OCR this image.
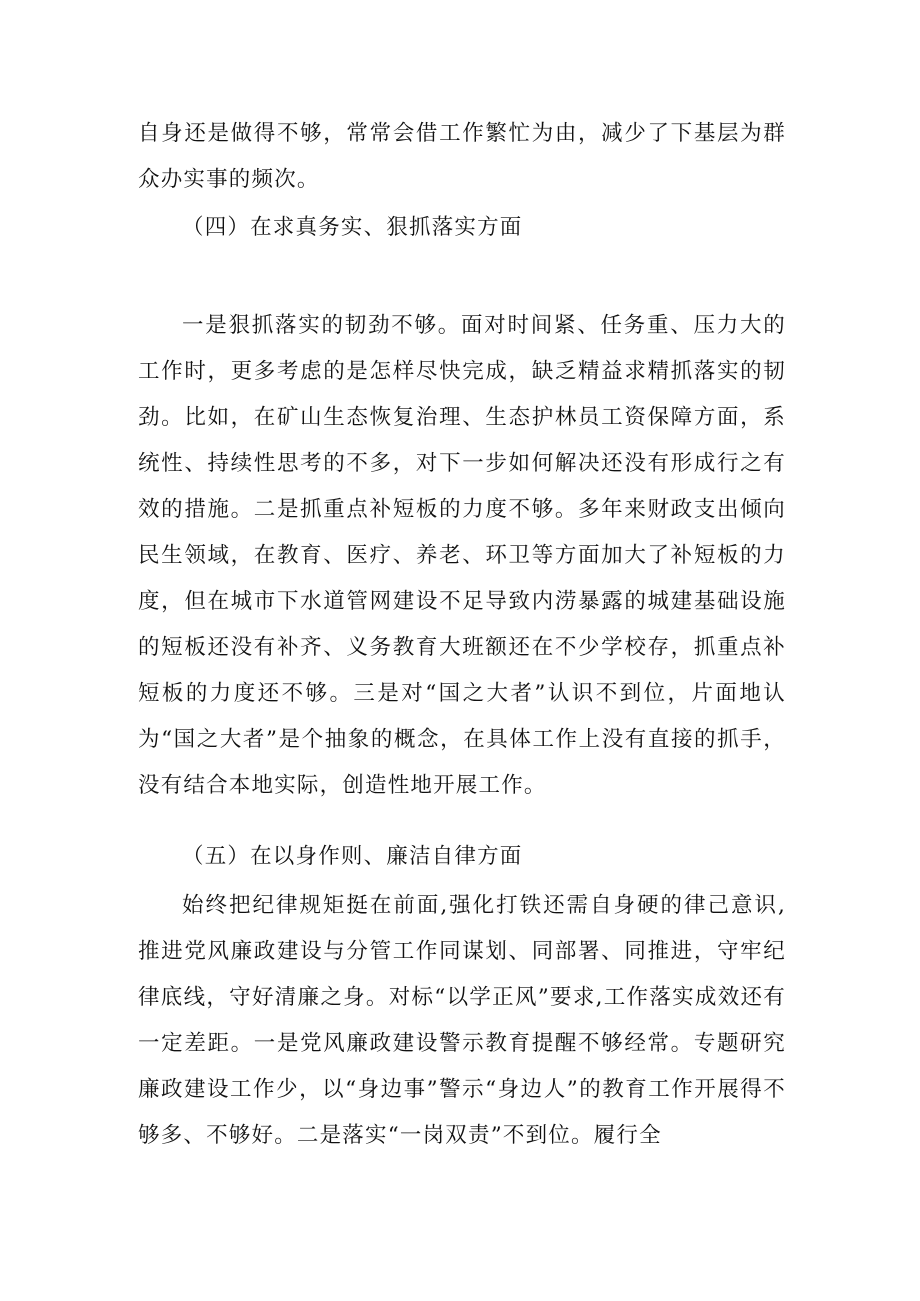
自身还是做得不够，常常会借工作繁忙为由，减少了下基层为群众办实事的频次。

（四）在求真务实、狠抓落实方面

一是狠抓落实的韧劲不够。面对时间紧、任务重、压力大的工作时，更多考虑的是怎样尽快完成，缺乏精益求精抓落实的韧劲。比如，在矿山生态恢复治理、生态护林员工资保障方面，系统性、持续性思考的不多，对下一步如何解决还没有形成行之有效的措施。二是抓重点补短板的力度不够。多年来财政支出倾向民生领域，在教育、医疗、养老、环卫等方面加大了补短板的力度，但在城市下水道管网建设不足导致内涝暴露的城建基础设施的短板还没有补齐、义务教育大班额还在不少学校存，抓重点补短板的力度还不够。三是对“国之大者”认识不到位，片面地认为“国之大者”是个抽象的概念，在具体工作上没有直接的抓手，没有结合本地实际，创造性地开展工作。

（五）在以身作则、廉洁自律方面

始终把纪律规矩挺在前面,强化打铁还需自身硬的律己意识,推进党风廉政建设与分管工作同谋划、同部署、同推进，守牢纪律底线，守好清廉之身。对标“以学正风”要求,工作落实成效还有一定差距。一是党风廉政建设警示教育提醒不够经常。专题研究廉政建设工作少，以“身边事”警示“身边人”的教育工作开展得不够多、不够好。二是落实“一岗双责”不到位。履行全
